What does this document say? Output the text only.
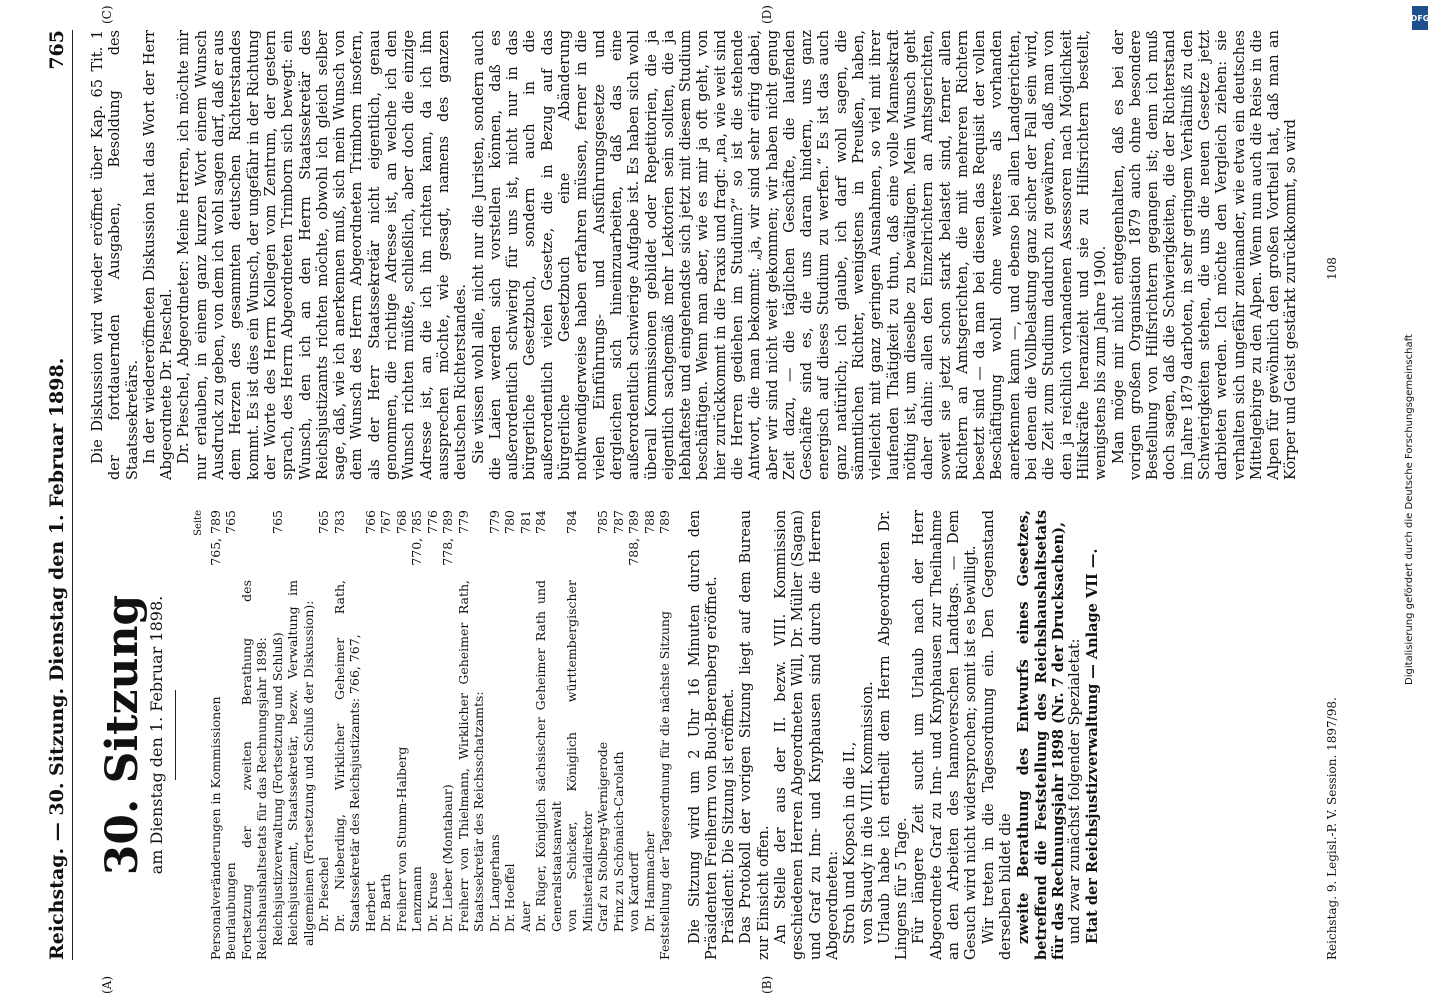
Reichstag. — 30. Sitzung. Dienstag den 1. Februar 1898.
765
(A)	(B)
(C)	(D)
30. Sitzung am Dienstag den 1. Februar 1898.
Seite
Personalveränderungen in Kommissionen
765, 789
Beurlaubungen
765
Fortsetzung der zweiten Berathung des Reichshaushaltsetats für das Rechnungsjahr 1898: Reichsjustizverwaltung (Fortsetzung und Schluß)
765
Reichsjustizamt, Staatssekretär, bezw. Verwaltung im allgemeinen (Fortsetzung und Schluß der Diskussion): Dr. Pieschel
765
Dr. Nieberding, Wirklicher Geheimer Rath, Staatssekretär des Reichsjustizamts: 766, 767,
783
Herbert
766
Dr. Barth
767
Freiherr von Stumm-Halberg
768
Lenzmann
770, 785
Dr. Kruse
776
Dr. Lieber (Montabaur)
778, 789
Freiherr von Thielmann, Wirklicher Geheimer Rath, Staatssekretär des Reichsschatzamts:
779
Dr. Langerhans
779
Dr. Hoeffel
780
Auer
781
Dr. Rüger, Königlich sächsischer Geheimer Rath und Generalstaatsanwalt
784
von Schicker, Königlich württembergischer Ministerialdirektor
784
Graf zu Stolberg-Wernigerode
785
Prinz zu Schönaich-Carolath
787
von Kardorff
788, 789
Dr. Hammacher
788
Feststellung der Tagesordnung für die nächste Sitzung
789 Die Sitzung wird um 2 Uhr 16 Minuten durch den Präsidenten Freiherrn von Buol-Berenberg eröffnet. Präsident: Die Sitzung ist eröffnet. Das Protokoll der vorigen Sitzung liegt auf dem Bureau zur Einsicht offen. An Stelle der aus der II. bezw. VIII. Kommission geschiedenen Herren Abgeordneten Will, Dr. Müller (Sagan) und Graf zu Inn- und Knyphausen sind durch die Herren Abgeordneten: Stroh und Kopsch in die II., von Staudy in die VIII. Kommission. Urlaub habe ich ertheilt dem Herrn Abgeordneten Dr. Lingens für 5 Tage. Für längere Zeit sucht um Urlaub nach der Herr Abgeordnete Graf zu Inn- und Knyphausen zur Theilnahme an den Arbeiten des hannoverschen Landtags. — Dem Gesuch wird nicht widersprochen; somit ist es bewilligt. Wir treten in die Tagesordnung ein. Den Gegenstand derselben bildet die zweite Berathung des Entwurfs eines Gesetzes, betreffend die Feststellung des Reichshaushaltsetats für das Rechnungsjahr 1898 (Nr. 7 der Drucksachen), und zwar zunächst folgender Spezialetat: Etat der Reichsjustizverwaltung — Anlage VII —.

Die Diskussion wird wieder eröffnet über Kap. 65 Tit. 1 der fortdauernden Ausgaben, Besoldung des Staatssekretärs. In der wiedereröffneten Diskussion hat das Wort der Herr Abgeordnete Dr. Pieschel. Dr. Pieschel, Abgeordneter: Meine Herren, ich möchte mir nur erlauben, in einem ganz kurzen Wort einem Wunsch Ausdruck zu geben, von dem ich wohl sagen darf, daß er aus dem Herzen des gesammten deutschen Richterstandes kommt. Es ist dies ein Wunsch, der ungefähr in der Richtung der Worte des Herrn Kollegen vom Zentrum, der gestern sprach, des Herrn Abgeordneten Trimborn sich bewegt: ein Wunsch, den ich an den Herrn Staatssekretär des Reichsjustizamts richten möchte, obwohl ich gleich selber sage, daß, wie ich anerkennen muß, sich mein Wunsch von dem Wunsch des Herrn Abgeordneten Trimborn insofern, als der Herr Staatssekretär nicht eigentlich, genau genommen, die richtige Adresse ist, an welche ich den Wunsch richten müßte, schließlich, aber doch die einzige Adresse ist, an die ich ihn richten kann, da ich ihn aussprechen möchte, wie gesagt, namens des ganzen deutschen Richterstandes. Sie wissen wohl alle, nicht nur die Juristen, sondern auch die Laien werden sich vorstellen können, daß es außerordentlich schwierig für uns ist, nicht nur in das bürgerliche Gesetzbuch, sondern auch in die außerordentlich vielen Gesetze, die in Bezug auf das bürgerliche Gesetzbuch eine Abänderung nothwendigerweise haben erfahren müssen, ferner in die vielen Einführungs- und Ausführungsgesetze und dergleichen sich hineinzuarbeiten, daß das eine außerordentlich schwierige Aufgabe ist. Es haben sich wohl überall Kommissionen gebildet oder Repetitorien, die ja eigentlich sachgemäß mehr Lektorien sein sollten, die ja lebhafteste und eingehendste sich jetzt mit diesem Studium beschäftigen. Wenn man aber, wie es mir ja oft geht, von hier zurückkommt in die Praxis und fragt: „na, wie weit sind die Herren gediehen im Studium?“ so ist die stehende Antwort, die man bekommt: „ja, wir sind sehr eifrig dabei, aber wir sind nicht weit gekommen; wir haben nicht genug Zeit dazu, — die täglichen Geschäfte, die laufenden Geschäfte sind es, die uns daran hindern, uns ganz energisch auf dieses Studium zu werfen.“ Es ist das auch ganz natürlich; ich glaube, ich darf wohl sagen, die sämmtlichen Richter, wenigstens in Preußen, haben, vielleicht mit ganz geringen Ausnahmen, so viel mit ihrer laufenden Thätigkeit zu thun, daß eine volle Manneskraft nöthig ist, um dieselbe zu bewältigen. Mein Wunsch geht daher dahin: allen den Einzelrichtern an Amtsgerichten, soweit sie jetzt schon stark belastet sind, ferner allen Richtern an Amtsgerichten, die mit mehreren Richtern besetzt sind — da man bei diesen das Requisit der vollen Beschäftigung wohl ohne weiteres als vorhanden anerkennen kann —, und ebenso bei allen Landgerichten, bei denen die Vollbelastung ganz sicher der Fall sein wird, die Zeit zum Studium dadurch zu gewähren, daß man von den ja reichlich vorhandenen Assessoren nach Möglichkeit Hilfskräfte heranzieht und sie zu Hilfsrichtern bestellt, wenigstens bis zum Jahre 1900. Man möge mir nicht entgegenhalten, daß es bei der vorigen großen Organisation 1879 auch ohne besondere Bestellung von Hilfsrichtern gegangen ist; denn ich muß doch sagen, daß die Schwierigkeiten, die der Richterstand im Jahre 1879 darboten, in sehr geringem Verhältniß zu den Schwierigkeiten stehen, die uns die neuen Gesetze jetzt darbieten werden. Ich möchte den Vergleich ziehen: sie verhalten sich ungefähr zueinander, wie etwa ein deutsches Mittelgebirge zu den Alpen. Wenn nun auch die Reise in die Alpen für gewöhnlich den großen Vortheil hat, daß man an Körper und Geist gestärkt zurückkommt, so wird

Reichstag. 9. Legisl.-P. V. Session. 1897/98.
108
DFG
Digitalisierung gefördert durch die Deutsche Forschungsgemeinschaft
